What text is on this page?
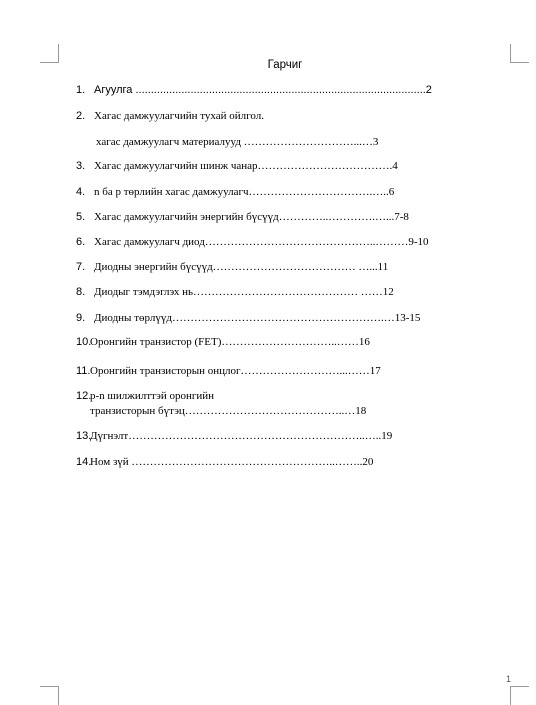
Гарчиг
1. Агуулга ...............................................................................................2
2. Хагас дамжуулагчийн тухай ойлгол.
хагас дамжуулагч материалууд …………………………...…3
3. Хагас дамжуулагчийн шинж чанар……………………………….4
4. n ба p төрлийн хагас дамжуулагч…………………………….…..6
5. Хагас дамжуулагчийн энергийн бүсүүд…………..………….…...7-8
6. Хагас дамжуулагч диод………………………………………..………9-10
7. Диодны энергийн бүсүүд………………………………… …...11
8. Диодыг тэмдэглэх нь……………………………………… ……12
9. Диодны төрлүүд………………………………………………….…13-15
10.Оронгийн транзистор (FET)…………………………..……16
11.Оронгийн транзисторын онцлог………………………...……17
12.p-n шилжилттэй оронгийн
транзисторын бүтэц……………………………………..…18
13.Дүгнэлт………………………………………………………..…..19
14.Ном зүй ………………………………………………..……..20
1
